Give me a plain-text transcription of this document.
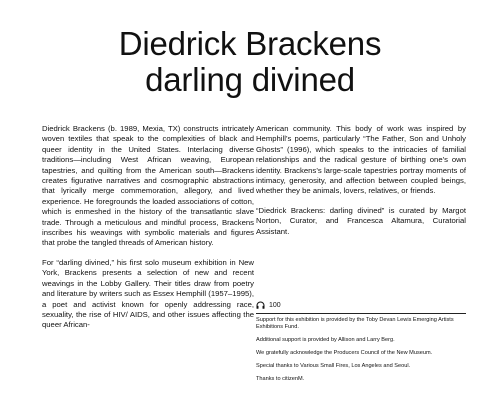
Diedrick Brackens
darling divined

Diedrick Brackens (b. 1989, Mexia, TX) constructs intricately woven textiles that speak to the complexities of black and queer identity in the United States. Interlacing diverse traditions—including West African weaving, European tapestries, and quilting from the American south—Brackens creates figurative narratives and cosmographic abstractions that lyrically merge commemoration, allegory, and lived experience. He foregrounds the loaded associations of cotton, which is enmeshed in the history of the transatlantic slave trade. Through a meticulous and mindful process, Brackens inscribes his weavings with symbolic materials and figures that probe the tangled threads of American history.

For “darling divined,” his first solo museum exhibition in New York, Brackens presents a selection of new and recent weavings in the Lobby Gallery. Their titles draw from poetry and literature by writers such as Essex Hemphill (1957–1995), a poet and activist known for openly addressing race, sexuality, the rise of HIV/ AIDS, and other issues affecting the queer African-

American community. This body of work was inspired by Hemphill’s poems, particularly “The Father, Son and Unholy Ghosts” (1996), which speaks to the intricacies of familial relationships and the radical gesture of birthing one’s own identity. Brackens’s large-scale tapestries portray moments of intimacy, generosity, and affection between coupled beings, whether they be animals, lovers, relatives, or friends.

“Diedrick Brackens: darling divined” is curated by Margot Norton, Curator, and Francesca Altamura, Curatorial Assistant.

100

Support for this exhibition is provided by the Toby Devan Lewis Emerging Artists Exhibitions Fund.

Additional support is provided by Allison and Larry Berg.

We gratefully acknowledge the Producers Council of the New Museum.

Special thanks to Various Small Fires, Los Angeles and Seoul.

Thanks to citizenM.
